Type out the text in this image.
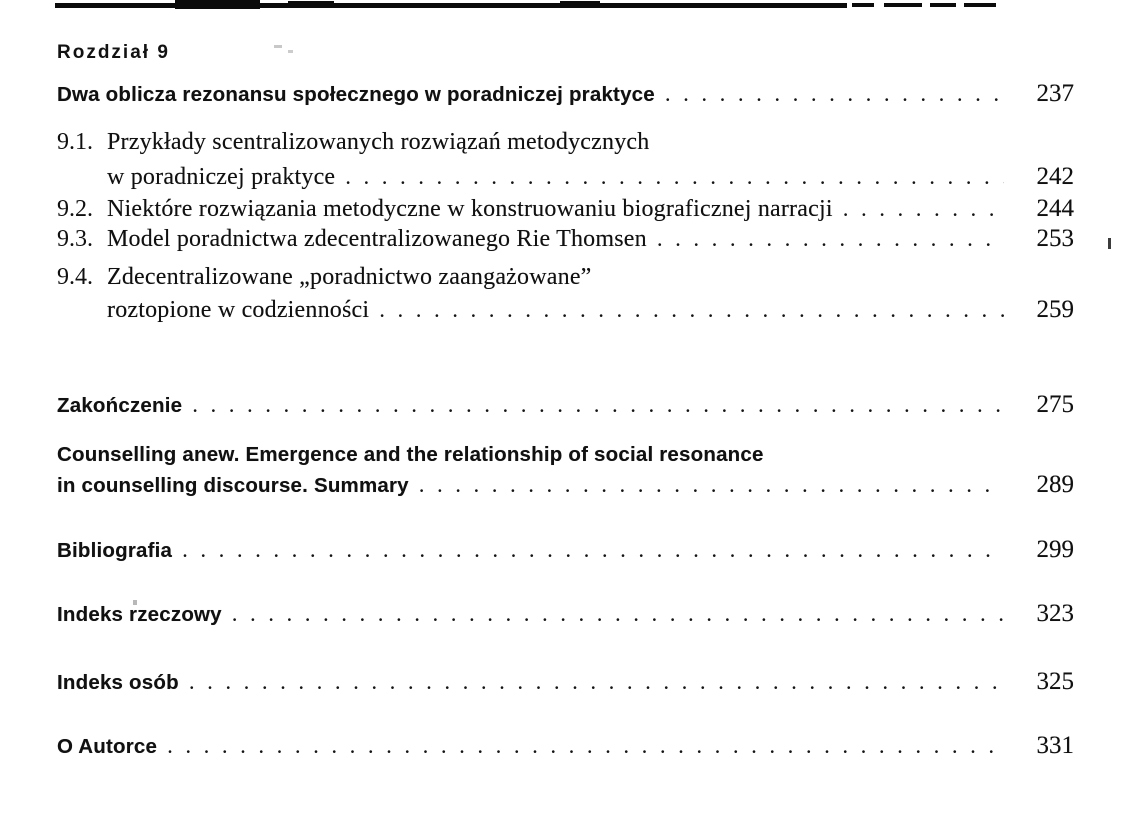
Rozdział 9
Dwa oblicza rezonansu społecznego w poradniczej praktyce .....	237
9.1. Przykłady scentralizowanych rozwiązań metodycznych
w poradniczej praktyce .....	242
9.2. Niektóre rozwiązania metodyczne w konstruowaniu biograficznej narracji .....	244
9.3. Model poradnictwa zdecentralizowanego Rie Thomsen .....	253
9.4. Zdecentralizowane „poradnictwo zaangażowane”
roztopione w codzienności .....	259
Zakończenie .....	275
Counselling anew. Emergence and the relationship of social resonance
in counselling discourse. Summary .....	289
Bibliografia .....	299
Indeks rzeczowy .....	323
Indeks osób .....	325
O Autorce .....	331
